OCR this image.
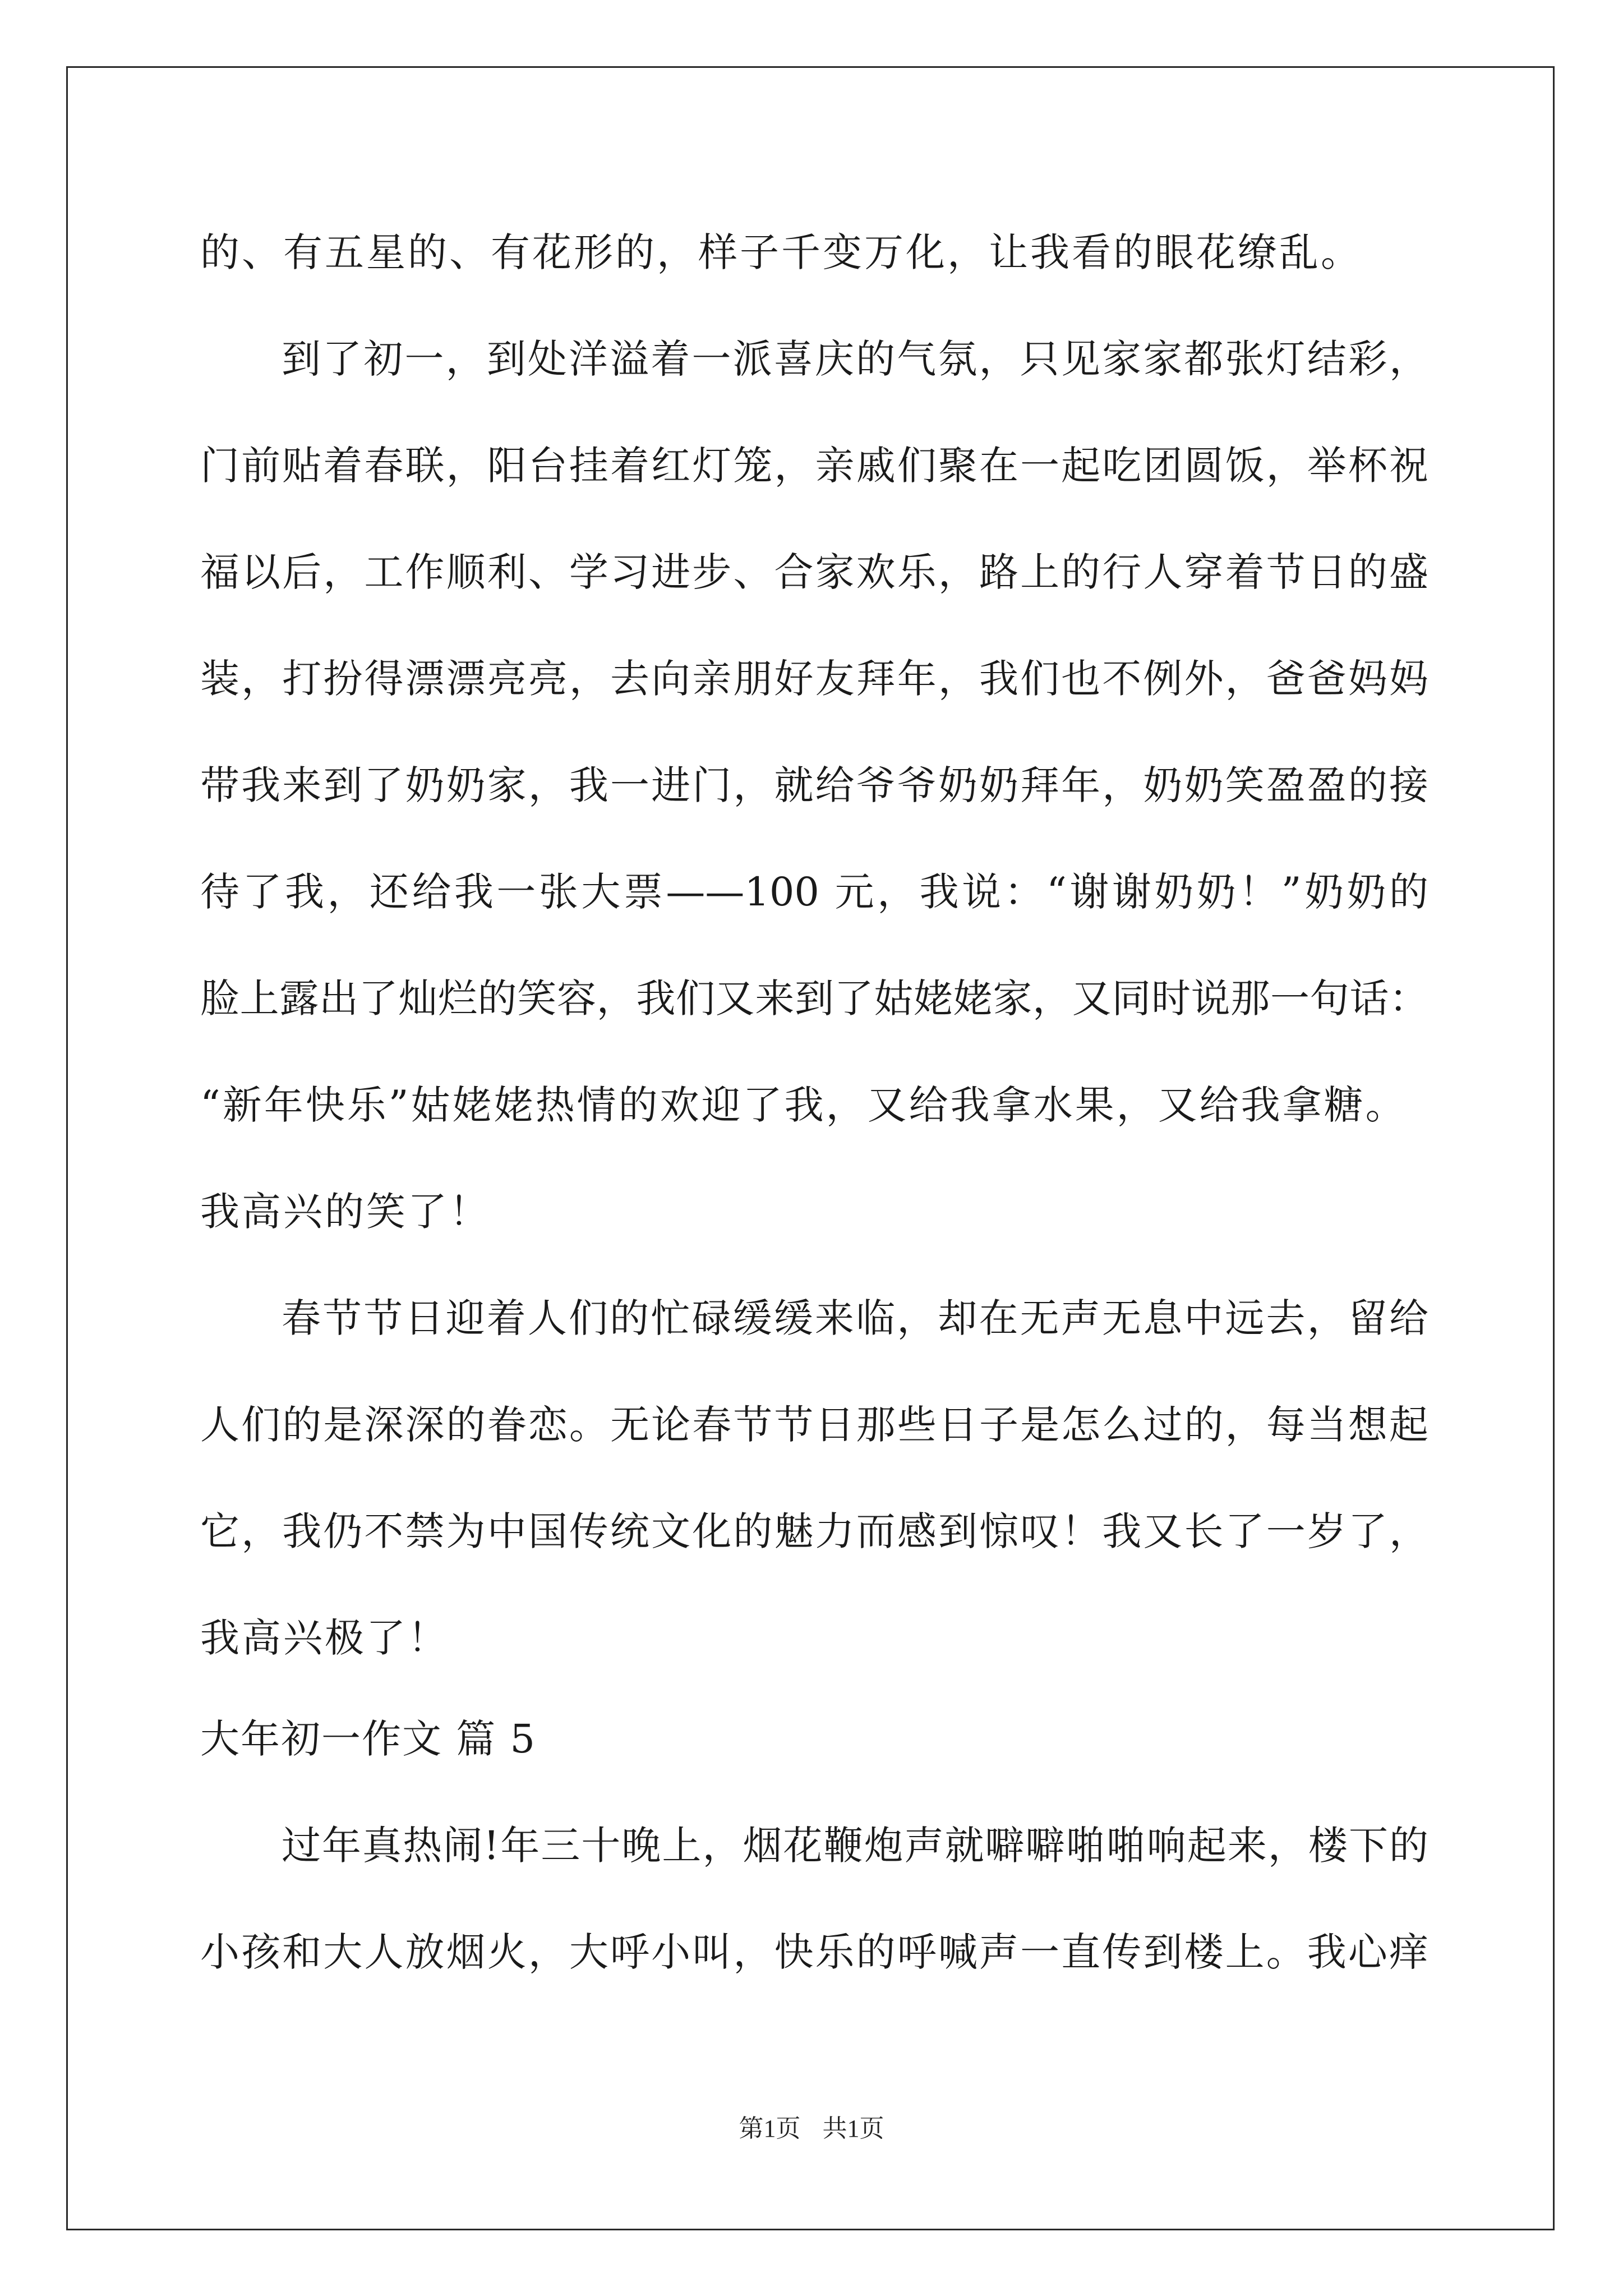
的、有五星的、有花形的，样子千变万化，让我看的眼花缭乱。
到了初一，到处洋溢着一派喜庆的气氛，只见家家都张灯结彩，
门前贴着春联，阳台挂着红灯笼，亲戚们聚在一起吃团圆饭，举杯祝
福以后，工作顺利、学习进步、合家欢乐，路上的行人穿着节日的盛
装，打扮得漂漂亮亮，去向亲朋好友拜年，我们也不例外，爸爸妈妈
带我来到了奶奶家，我一进门，就给爷爷奶奶拜年，奶奶笑盈盈的接
待了我，还给我一张大票——100 元，我说：“谢谢奶奶！”奶奶的
脸上露出了灿烂的笑容，我们又来到了姑姥姥家，又同时说那一句话：
“新年快乐”姑姥姥热情的欢迎了我，又给我拿水果，又给我拿糖。
我高兴的笑了！
春节节日迎着人们的忙碌缓缓来临，却在无声无息中远去，留给
人们的是深深的眷恋。无论春节节日那些日子是怎么过的，每当想起
它，我仍不禁为中国传统文化的魅力而感到惊叹！我又长了一岁了，
我高兴极了！
大年初一作文 篇 5
过年真热闹!年三十晚上，烟花鞭炮声就噼噼啪啪响起来，楼下的
小孩和大人放烟火，大呼小叫，快乐的呼喊声一直传到楼上。我心痒
第1页 共1页
